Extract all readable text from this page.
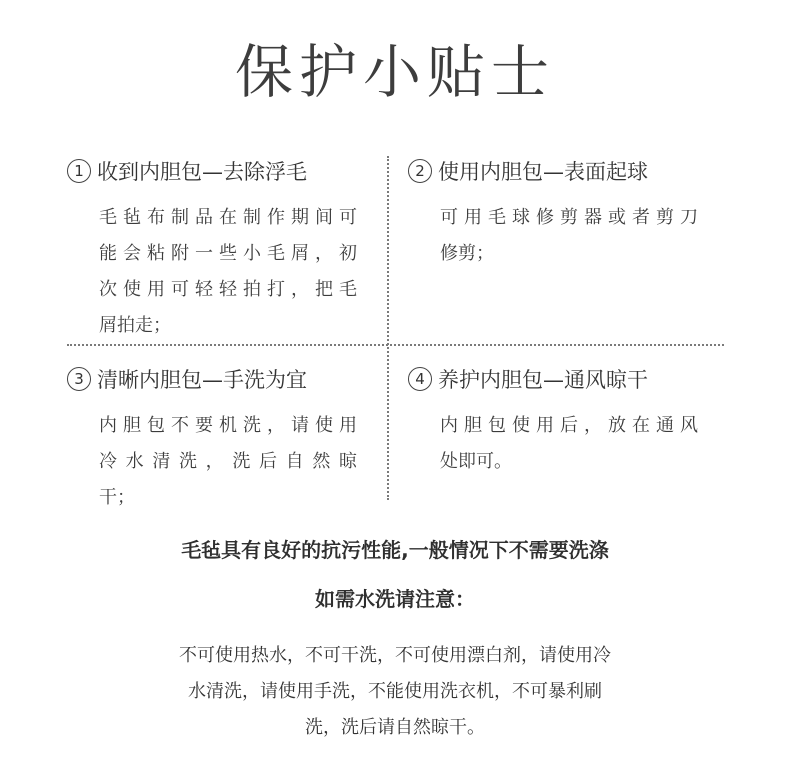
保护小贴士
1 收到内胆包—去除浮毛
毛毡布制品在制作期间可
能会粘附一些小毛屑，初
次使用可轻轻拍打，把毛
屑拍走；
2 使用内胆包—表面起球
可用毛球修剪器或者剪刀
修剪；
3 清晰内胆包—手洗为宜
内胆包不要机洗，请使用
冷水清洗，洗后自然晾
干；
4 养护内胆包—通风晾干
内胆包使用后，放在通风
处即可。
毛毡具有良好的抗污性能,一般情况下不需要洗涤
如需水洗请注意：
不可使用热水，不可干洗，不可使用漂白剂，请使用冷
水清洗，请使用手洗，不能使用洗衣机，不可暴利刷
洗，洗后请自然晾干。
